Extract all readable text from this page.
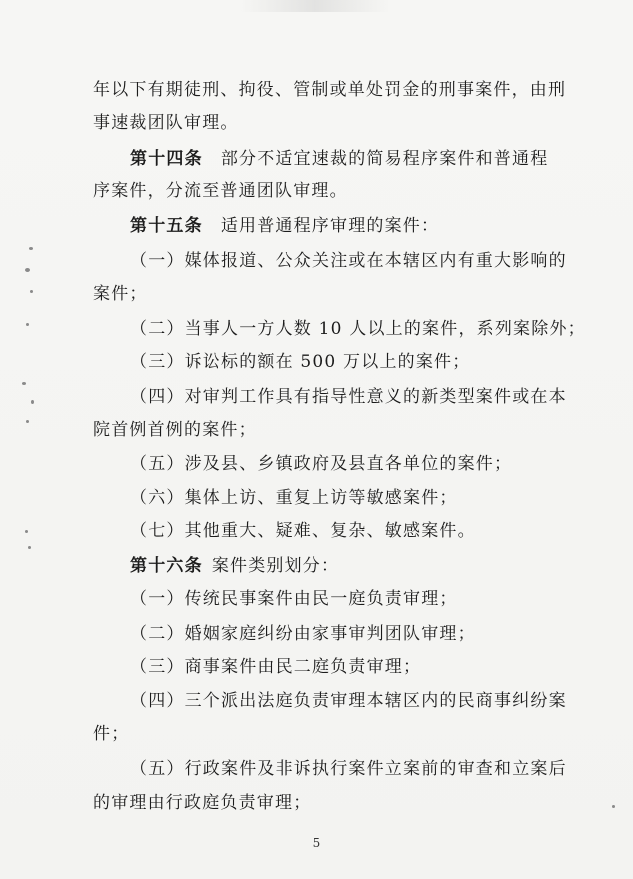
年以下有期徒刑、拘役、管制或单处罚金的刑事案件，由刑
事速裁团队审理。
第十四条 部分不适宜速裁的简易程序案件和普通程
序案件，分流至普通团队审理。
第十五条 适用普通程序审理的案件：
（一）媒体报道、公众关注或在本辖区内有重大影响的
案件；
（二）当事人一方人数 10 人以上的案件，系列案除外；
（三）诉讼标的额在 500 万以上的案件；
（四）对审判工作具有指导性意义的新类型案件或在本
院首例首例的案件；
（五）涉及县、乡镇政府及县直各单位的案件；
（六）集体上访、重复上访等敏感案件；
（七）其他重大、疑难、复杂、敏感案件。
第十六条 案件类别划分：
（一）传统民事案件由民一庭负责审理；
（二）婚姻家庭纠纷由家事审判团队审理；
（三）商事案件由民二庭负责审理；
（四）三个派出法庭负责审理本辖区内的民商事纠纷案
件；
（五）行政案件及非诉执行案件立案前的审查和立案后
的审理由行政庭负责审理；
5
